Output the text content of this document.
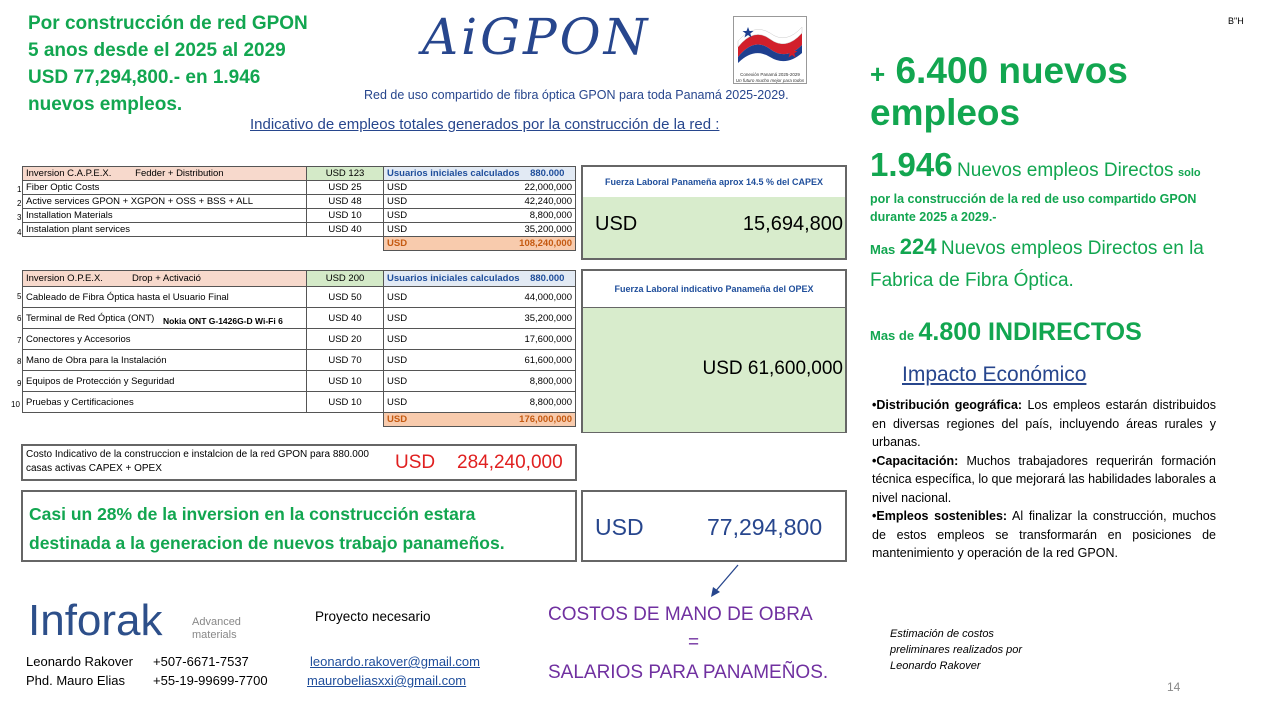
Por construcción de red GPON
5 anos desde el 2025 al 2029
USD 77,294,800.- en 1.946
nuevos empleos.
AiGPON
Red de uso compartido de fibra óptica GPON para toda Panamá 2025-2029.
Indicativo de empleos totales generados por la construcción de la red :
Conexión Panamá 2025-2029
Un futuro mucho mejor para todos
B"H
+ 6.400 nuevos empleos
1.946 Nuevos empleos Directos solo
por la construcción de la red de uso compartido GPON
durante 2025 a 2029.-
Mas 224 Nuevos empleos Directos en la
Fabrica de Fibra Óptica.
Mas de 4.800 INDIRECTOS
Impacto Económico

•Distribución geográfica: Los empleos estarán distribuidos en diversas regiones del país, incluyendo áreas rurales y urbanas.

•Capacitación: Muchos trabajadores requerirán formación técnica específica, lo que mejorará las habilidades laborales a nivel nacional.

•Empleos sostenibles: Al finalizar la construcción, muchos de estos empleos se transformarán en posiciones de mantenimiento y operación de la red GPON.

1
2
3
4
Inversion C.A.P.E.X. Fedder + Distribution	USD 123	Usuarios iniciales calculados 880.000
Fiber Optic Costs	USD 25	USD 22,000,000

Active services GPON + XGPON + OSS + BSS + ALL	USD 48	USD 42,240,000

Installation Materials	USD 10	USD 8,800,000

Instalation plant services	USD 40	USD 35,200,000

		USD 108,240,000
Fuerza Laboral Panameña aprox 14.5 % del CAPEX
USD	15,694,800
5
6
7
8
9
10
Inversion O.P.E.X. Drop + Activació	USD 200	Usuarios iniciales calculados 880.000
Cableado de Fibra Óptica hasta el Usuario Final	USD 50	USD 44,000,000

Terminal de Red Óptica (ONT) Nokia ONT G-1426G-D Wi-Fi 6	USD 40	USD 35,200,000

Conectores y Accesorios	USD 20	USD 17,600,000

Mano de Obra para la Instalación	USD 70	USD 61,600,000

Equipos de Protección y Seguridad	USD 10	USD 8,800,000

Pruebas y Certificaciones	USD 10	USD 8,800,000

		USD 176,000,000
Fuerza Laboral indicativo Panameña del OPEX
USD 61,600,000
Costo Indicativo de la construccion e instalcion de la red GPON para 880.000
casas activas CAPEX + OPEX	USD 284,240,000
Casi un 28% de la inversion en la construcción estara
destinada a la generacion de nuevos trabajo panameños.
USD	77,294,800
COSTOS DE MANO DE OBRA
=
SALARIOS PARA PANAMEÑOS.
Inforak	Advanced
materials
Proyecto necesario
Leonardo Rakover +507-6671-7537	leonardo.rakover@gmail.com
Phd. Mauro Elias +55-19-99699-7700	maurobeliasxxi@gmail.com
Estimación de costos
preliminares realizados por
Leonardo Rakover
14
